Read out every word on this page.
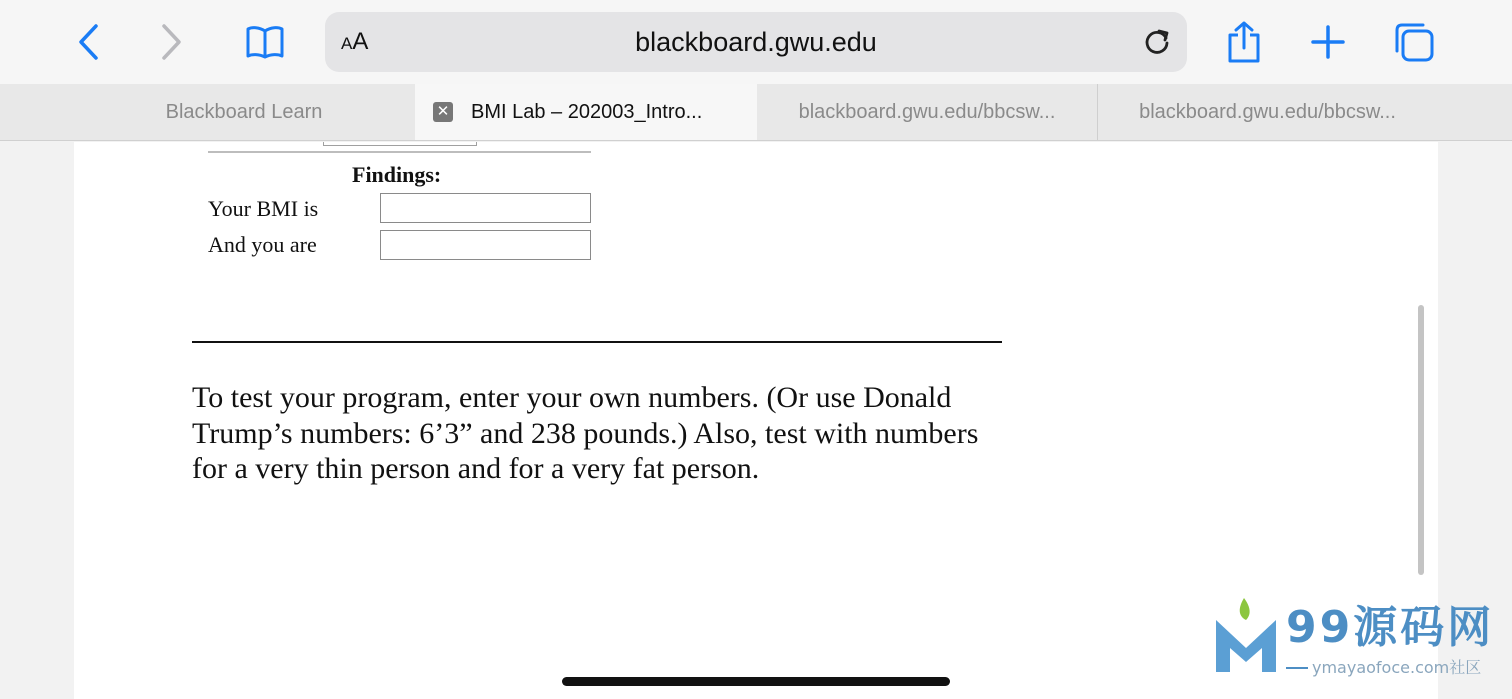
AA	blackboard.gwu.edu
Blackboard Learn	✕ BMI Lab – 202003_Intro...	blackboard.gwu.edu/bbcsw...	blackboard.gwu.edu/bbcsw...
Findings:
Your BMI is
And you are
To test your program, enter your own numbers. (Or use Donald Trump’s numbers: 6’3” and 238 pounds.) Also, test with numbers for a very thin person and for a very fat person.
99源码网
ymayaofoce.com社区
